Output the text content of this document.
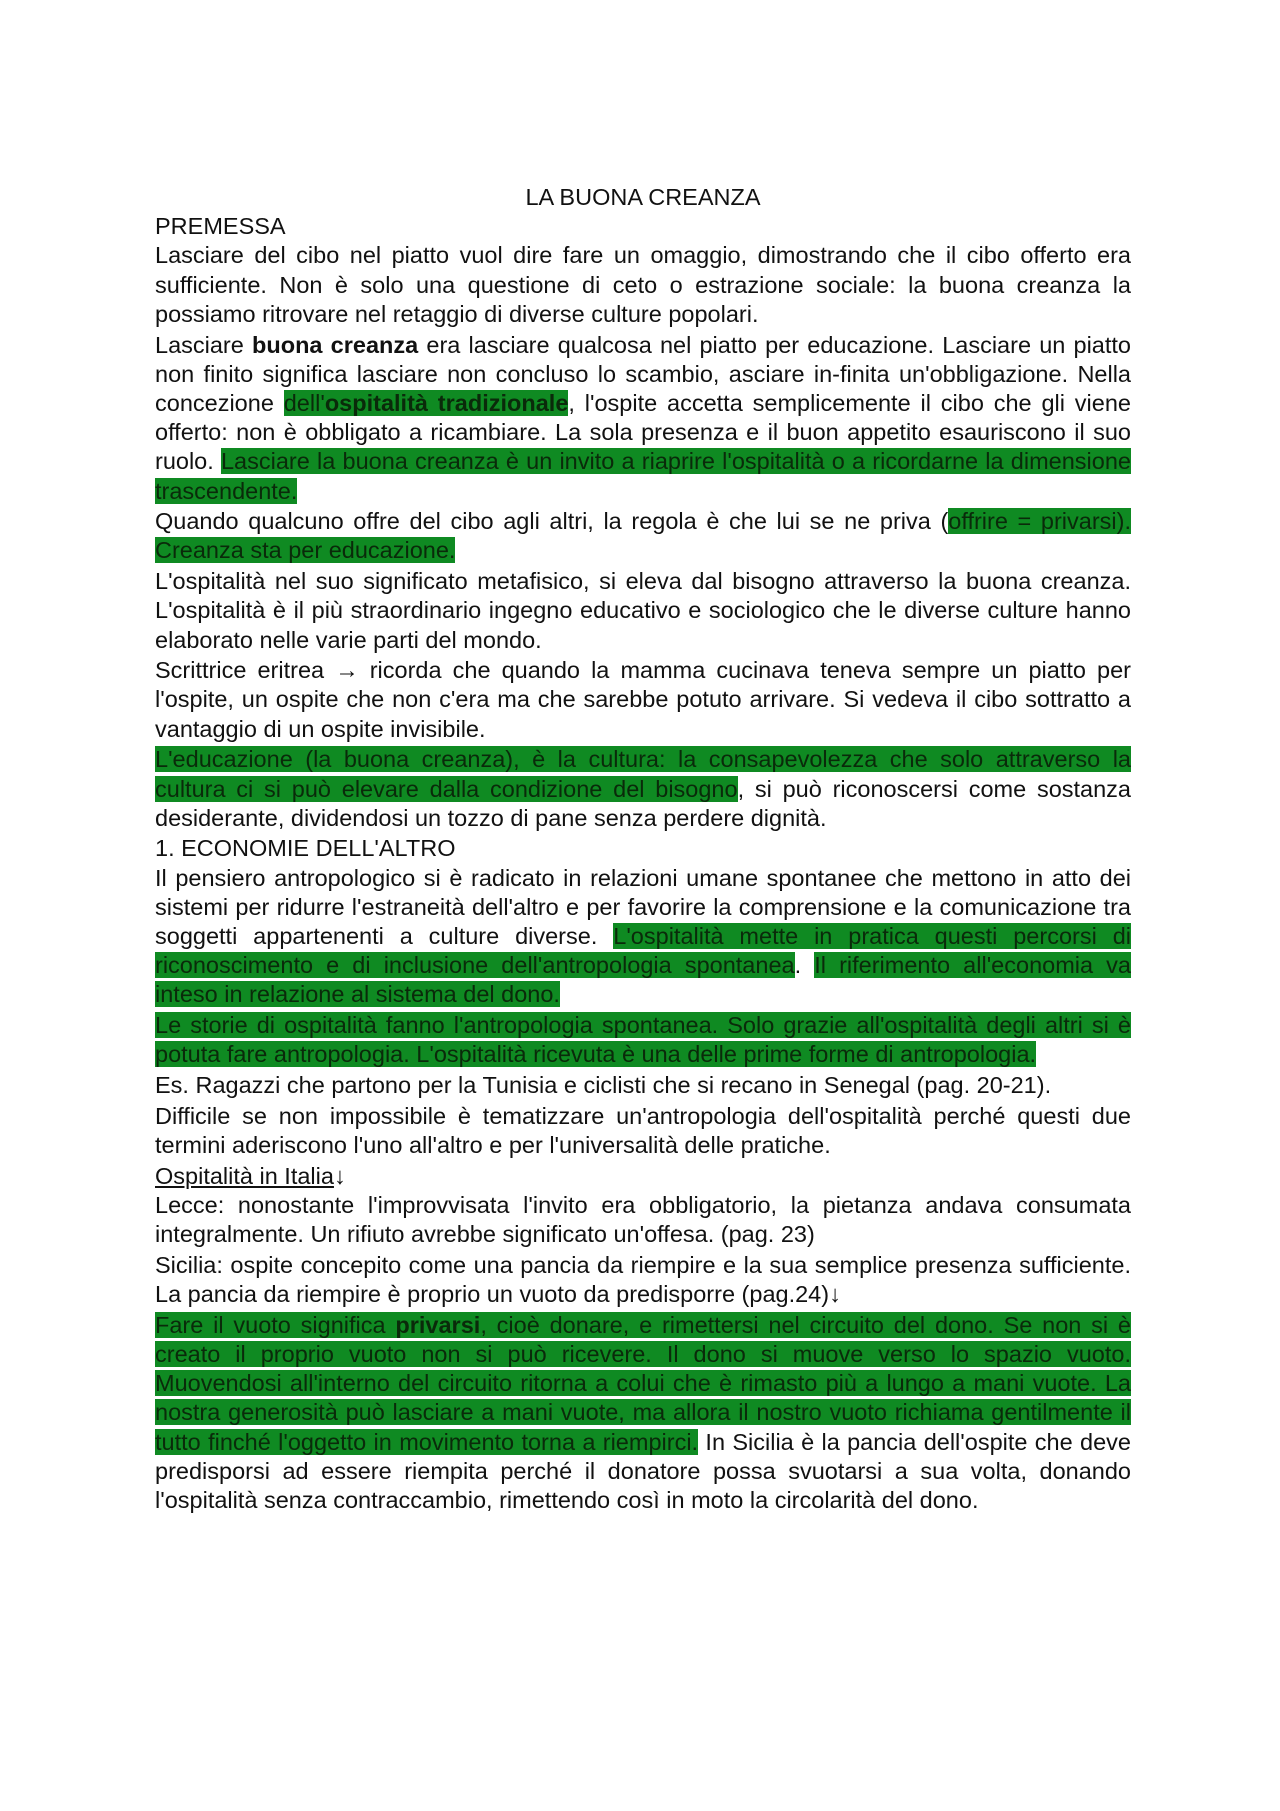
LA BUONA CREANZA

PREMESSA

Lasciare del cibo nel piatto vuol dire fare un omaggio, dimostrando che il cibo offerto era sufficiente. Non è solo una questione di ceto o estrazione sociale: la buona creanza la possiamo ritrovare nel retaggio di diverse culture popolari.

Lasciare buona creanza era lasciare qualcosa nel piatto per educazione. Lasciare un piatto non finito significa lasciare non concluso lo scambio, asciare in-finita un'obbligazione. Nella concezione dell'ospitalità tradizionale, l'ospite accetta semplicemente il cibo che gli viene offerto: non è obbligato a ricambiare. La sola presenza e il buon appetito esauriscono il suo ruolo. Lasciare la buona creanza è un invito a riaprire l'ospitalità o a ricordarne la dimensione trascendente.

Quando qualcuno offre del cibo agli altri, la regola è che lui se ne priva (offrire = privarsi). Creanza sta per educazione.

L'ospitalità nel suo significato metafisico, si eleva dal bisogno attraverso la buona creanza. L'ospitalità è il più straordinario ingegno educativo e sociologico che le diverse culture hanno elaborato nelle varie parti del mondo.

Scrittrice eritrea → ricorda che quando la mamma cucinava teneva sempre un piatto per l'ospite, un ospite che non c'era ma che sarebbe potuto arrivare. Si vedeva il cibo sottratto a vantaggio di un ospite invisibile.

L'educazione (la buona creanza), è la cultura: la consapevolezza che solo attraverso la cultura ci si può elevare dalla condizione del bisogno, si può riconoscersi come sostanza desiderante, dividendosi un tozzo di pane senza perdere dignità.

1. ECONOMIE DELL'ALTRO

Il pensiero antropologico si è radicato in relazioni umane spontanee che mettono in atto dei sistemi per ridurre l'estraneità dell'altro e per favorire la comprensione e la comunicazione tra soggetti appartenenti a culture diverse. L'ospitalità mette in pratica questi percorsi di riconoscimento e di inclusione dell'antropologia spontanea. Il riferimento all'economia va inteso in relazione al sistema del dono.

Le storie di ospitalità fanno l'antropologia spontanea. Solo grazie all'ospitalità degli altri si è potuta fare antropologia. L'ospitalità ricevuta è una delle prime forme di antropologia.

Es. Ragazzi che partono per la Tunisia e ciclisti che si recano in Senegal (pag. 20-21).

Difficile se non impossibile è tematizzare un'antropologia dell'ospitalità perché questi due termini aderiscono l'uno all'altro e per l'universalità delle pratiche.

Ospitalità in Italia↓

Lecce: nonostante l'improvvisata l'invito era obbligatorio, la pietanza andava consumata integralmente. Un rifiuto avrebbe significato un'offesa. (pag. 23)

Sicilia: ospite concepito come una pancia da riempire e la sua semplice presenza sufficiente. La pancia da riempire è proprio un vuoto da predisporre (pag.24)↓

Fare il vuoto significa privarsi, cioè donare, e rimettersi nel circuito del dono. Se non si è creato il proprio vuoto non si può ricevere. Il dono si muove verso lo spazio vuoto. Muovendosi all'interno del circuito ritorna a colui che è rimasto più a lungo a mani vuote. La nostra generosità può lasciare a mani vuote, ma allora il nostro vuoto richiama gentilmente il tutto finché l'oggetto in movimento torna a riempirci. In Sicilia è la pancia dell'ospite che deve predisporsi ad essere riempita perché il donatore possa svuotarsi a sua volta, donando l'ospitalità senza contraccambio, rimettendo così in moto la circolarità del dono.
